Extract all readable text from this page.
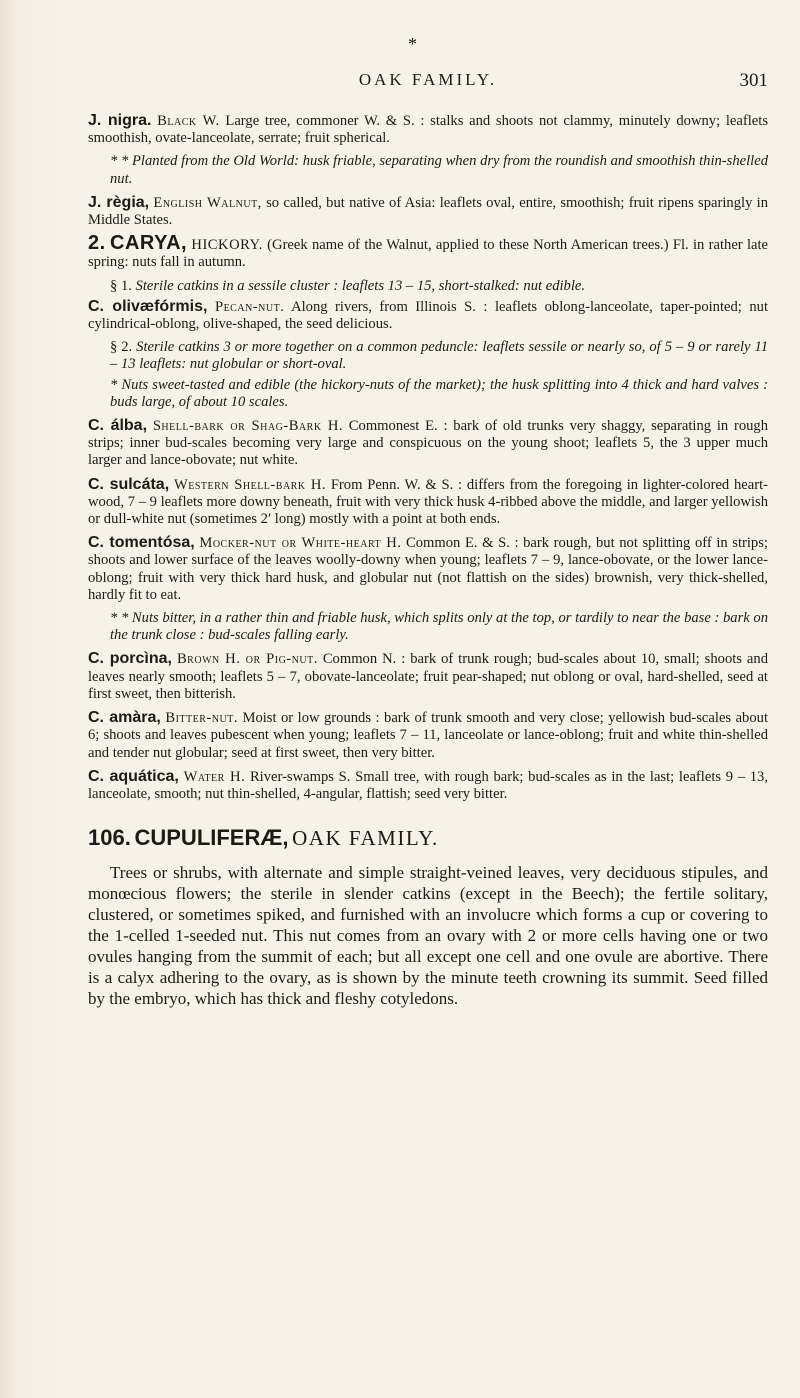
*
OAK FAMILY.	301

J. nigra. Black W. Large tree, commoner W. & S. : stalks and shoots not clammy, minutely downy; leaflets smoothish, ovate-lanceolate, serrate; fruit spherical.

* * Planted from the Old World: husk friable, separating when dry from the roundish and smoothish thin-shelled nut.

J. règia, English Walnut, so called, but native of Asia: leaflets oval, entire, smoothish; fruit ripens sparingly in Middle States.

2. CARYA, HICKORY. (Greek name of the Walnut, applied to these North American trees.) Fl. in rather late spring: nuts fall in autumn.

§ 1. Sterile catkins in a sessile cluster : leaflets 13 – 15, short-stalked: nut edible.

C. olivæfórmis, Pecan-nut. Along rivers, from Illinois S. : leaflets oblong-lanceolate, taper-pointed; nut cylindrical-oblong, olive-shaped, the seed delicious.

§ 2. Sterile catkins 3 or more together on a common peduncle: leaflets sessile or nearly so, of 5 – 9 or rarely 11 – 13 leaflets: nut globular or short-oval.

* Nuts sweet-tasted and edible (the hickory-nuts of the market); the husk splitting into 4 thick and hard valves : buds large, of about 10 scales.

C. álba, Shell-bark or Shag-Bark H. Commonest E. : bark of old trunks very shaggy, separating in rough strips; inner bud-scales becoming very large and conspicuous on the young shoot; leaflets 5, the 3 upper much larger and lance-obovate; nut white.

C. sulcáta, Western Shell-bark H. From Penn. W. & S. : differs from the foregoing in lighter-colored heart-wood, 7 – 9 leaflets more downy beneath, fruit with very thick husk 4-ribbed above the middle, and larger yellowish or dull-white nut (sometimes 2′ long) mostly with a point at both ends.

C. tomentósa, Mocker-nut or White-heart H. Common E. & S. : bark rough, but not splitting off in strips; shoots and lower surface of the leaves woolly-downy when young; leaflets 7 – 9, lance-obovate, or the lower lance-oblong; fruit with very thick hard husk, and globular nut (not flattish on the sides) brownish, very thick-shelled, hardly fit to eat.

* * Nuts bitter, in a rather thin and friable husk, which splits only at the top, or tardily to near the base : bark on the trunk close : bud-scales falling early.

C. porcìna, Brown H. or Pig-nut. Common N. : bark of trunk rough; bud-scales about 10, small; shoots and leaves nearly smooth; leaflets 5 – 7, obovate-lanceolate; fruit pear-shaped; nut oblong or oval, hard-shelled, seed at first sweet, then bitterish.

C. amàra, Bitter-nut. Moist or low grounds : bark of trunk smooth and very close; yellowish bud-scales about 6; shoots and leaves pubescent when young; leaflets 7 – 11, lanceolate or lance-oblong; fruit and white thin-shelled and tender nut globular; seed at first sweet, then very bitter.

C. aquática, Water H. River-swamps S. Small tree, with rough bark; bud-scales as in the last; leaflets 9 – 13, lanceolate, smooth; nut thin-shelled, 4-angular, flattish; seed very bitter.

106. CUPULIFERÆ, OAK FAMILY.

Trees or shrubs, with alternate and simple straight-veined leaves, very deciduous stipules, and monœcious flowers; the sterile in slender catkins (except in the Beech); the fertile solitary, clustered, or sometimes spiked, and furnished with an involucre which forms a cup or covering to the 1-celled 1-seeded nut. This nut comes from an ovary with 2 or more cells having one or two ovules hanging from the summit of each; but all except one cell and one ovule are abortive. There is a calyx adhering to the ovary, as is shown by the minute teeth crowning its summit. Seed filled by the embryo, which has thick and fleshy cotyledons.
